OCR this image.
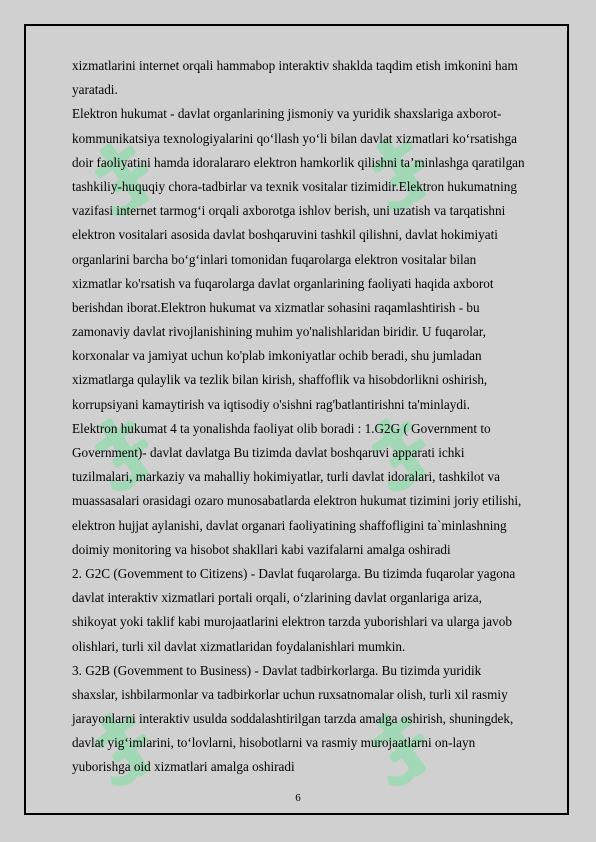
xizmatlarini internet orqali hammabop interaktiv shaklda taqdim etish imkonini ham
yaratadi.
Elektron hukumat - davlat organlarining jismoniy va yuridik shaxslariga axborot-
kommunikatsiya texnologiyalarini qo‘llash yo‘li bilan davlat xizmatlari ko‘rsatishga
doir faoliyatini hamda idoralararo elektron hamkorlik qilishni ta’minlashga qaratilgan
tashkiliy-huquqiy chora-tadbirlar va texnik vositalar tizimidir.Elektron hukumatning
vazifasi internet tarmog‘i orqali axborotga ishlov berish, uni uzatish va tarqatishni
elektron vositalari asosida davlat boshqaruvini tashkil qilishni, davlat hokimiyati
organlarini barcha bo‘g‘inlari tomonidan fuqarolarga elektron vositalar bilan
xizmatlar ko'rsatish va fuqarolarga davlat organlarining faoliyati haqida axborot
berishdan iborat.Elektron hukumat va xizmatlar sohasini raqamlashtirish - bu
zamonaviy davlat rivojlanishining muhim yo'nalishlaridan biridir. U fuqarolar,
korxonalar va jamiyat uchun ko'plab imkoniyatlar ochib beradi, shu jumladan
xizmatlarga qulaylik va tezlik bilan kirish, shaffoflik va hisobdorlikni oshirish,
korrupsiyani kamaytirish va iqtisodiy o'sishni rag'batlantirishni ta'minlaydi.
Elektron hukumat 4 ta yonalishda faoliyat olib boradi : 1.G2G ( Government to
Government)- davlat davlatga Bu tizimda davlat boshqaruvi apparati ichki
tuzilmalari, markaziy va mahalliy hokimiyatlar, turli davlat idoralari, tashkilot va
muassasalari orasidagi ozaro munosabatlarda elektron hukumat tizimini joriy etilishi,
elektron hujjat aylanishi, davlat organari faoliyatining shaffofligini ta`minlashning
doimiy monitoring va hisobot shakllari kabi vazifalarni amalga oshiradi
2. G2C (Govemment to Citizens) - Davlat fuqarolarga. Bu tizimda fuqarolar yagona
davlat interaktiv xizmatlari portali orqali, o‘zlarining davlat organlariga ariza,
shikoyat yoki taklif kabi murojaatlarini elektron tarzda yuborishlari va ularga javob
olishlari, turli xil davlat xizmatlaridan foydalanishlari mumkin.
3. G2B (Govemment to Business) - Davlat tadbirkorlarga. Bu tizimda yuridik
shaxslar, ishbilarmonlar va tadbirkorlar uchun ruxsatnomalar olish, turli xil rasmiy
jarayonlarni interaktiv usulda soddalashtirilgan tarzda amalga oshirish, shuningdek,
davlat yig‘imlarini, to‘lovlarni, hisobotlarni va rasmiy murojaatlarni on-layn
yuborishga oid xizmatlari amalga oshiradi
6
